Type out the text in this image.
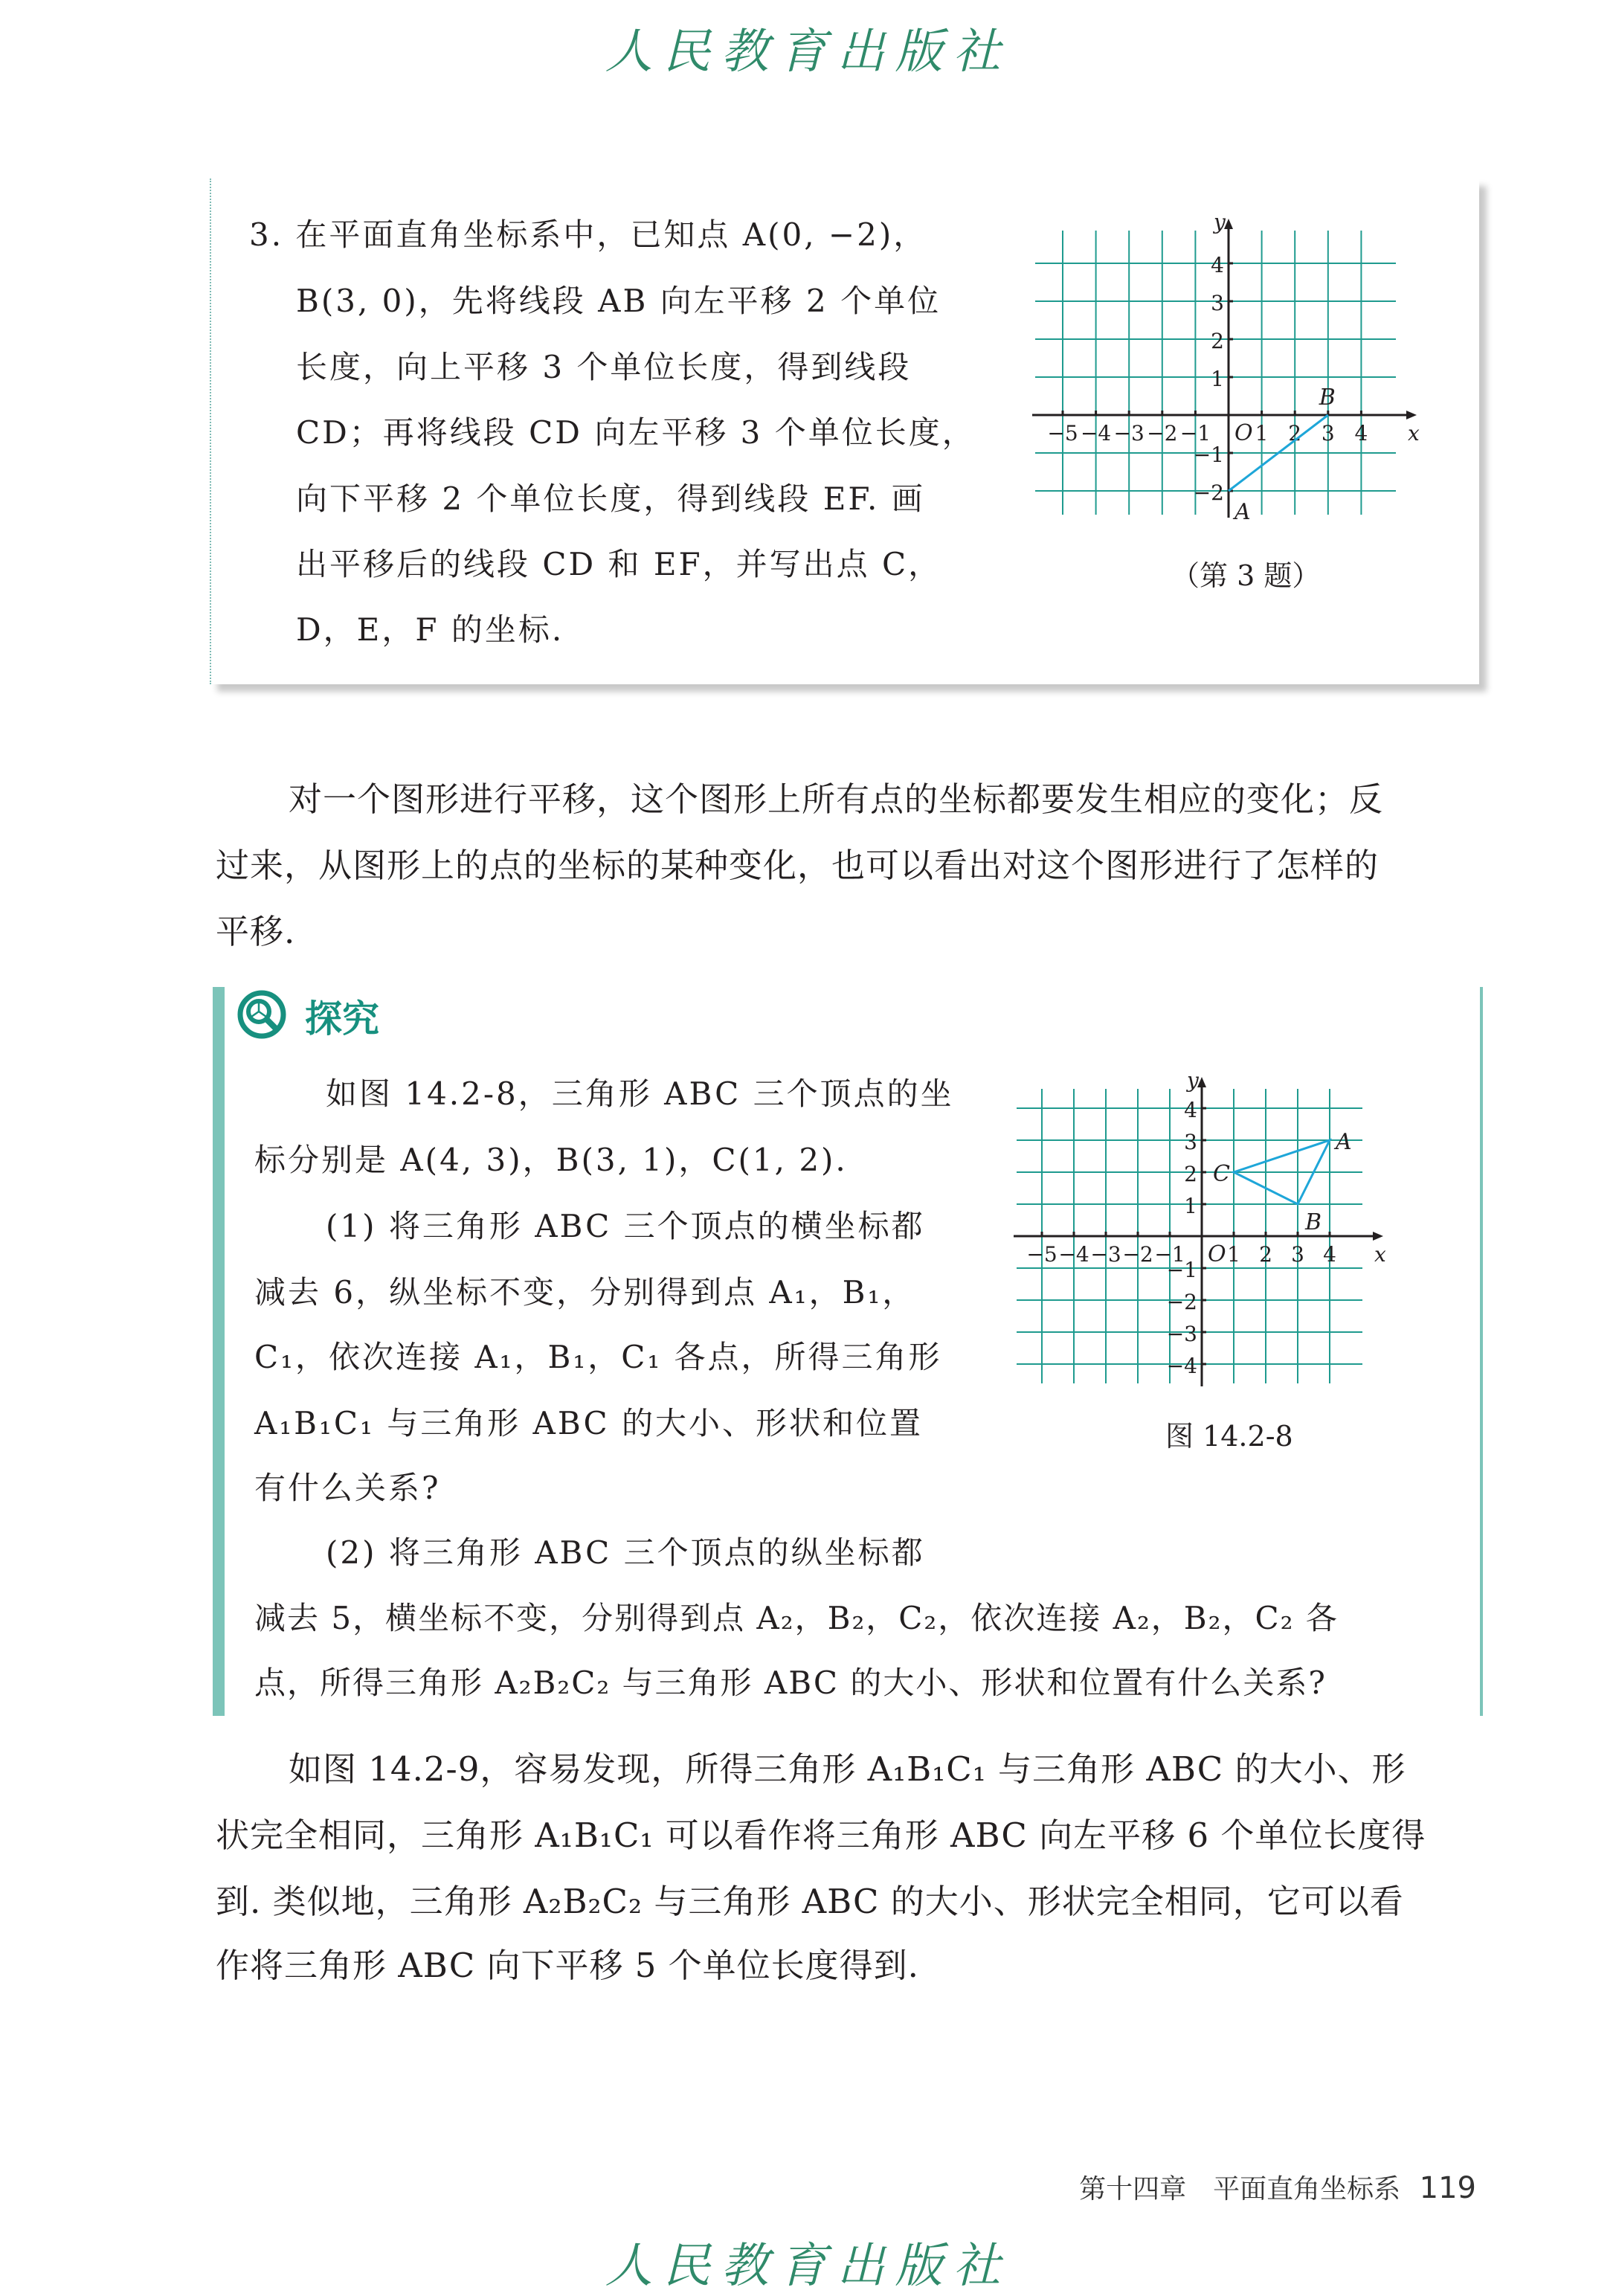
人民教育出版社
3. 在平面直角坐标系中，已知点 A(0, −2)，
B(3, 0)，先将线段 AB 向左平移 2 个单位
长度，向上平移 3 个单位长度，得到线段
CD；再将线段 CD 向左平移 3 个单位长度，
向下平移 2 个单位长度，得到线段 EF. 画
出平移后的线段 CD 和 EF，并写出点 C，
D，E，F 的坐标.
−5 −4 −3 −2 −1 1 2 3 4
−2
−1
1
2
3
4
O	x
y
A
B
（第 3 题）
对一个图形进行平移，这个图形上所有点的坐标都要发生相应的变化；反
过来，从图形上的点的坐标的某种变化，也可以看出对这个图形进行了怎样的
平移.
探究
如图 14.2-8，三角形 ABC 三个顶点的坐
标分别是 A(4, 3)，B(3, 1)，C(1, 2).
(1) 将三角形 ABC 三个顶点的横坐标都
减去 6，纵坐标不变，分别得到点 A₁，B₁，
C₁，依次连接 A₁，B₁，C₁ 各点，所得三角形
A₁B₁C₁ 与三角形 ABC 的大小、形状和位置
有什么关系?
(2) 将三角形 ABC 三个顶点的纵坐标都
减去 5，横坐标不变，分别得到点 A₂，B₂，C₂，依次连接 A₂，B₂，C₂ 各
点，所得三角形 A₂B₂C₂ 与三角形 ABC 的大小、形状和位置有什么关系?
−5 −4 −3 −2 −1 1 2 3 4
−4
−3
−2
−1
1
2
3
4
O	x
y
A
B
C
图 14.2-8
如图 14.2-9，容易发现，所得三角形 A₁B₁C₁ 与三角形 ABC 的大小、形
状完全相同，三角形 A₁B₁C₁ 可以看作将三角形 ABC 向左平移 6 个单位长度得
到. 类似地，三角形 A₂B₂C₂ 与三角形 ABC 的大小、形状完全相同，它可以看
作将三角形 ABC 向下平移 5 个单位长度得到.
第十四章　平面直角坐标系 119
人民教育出版社
